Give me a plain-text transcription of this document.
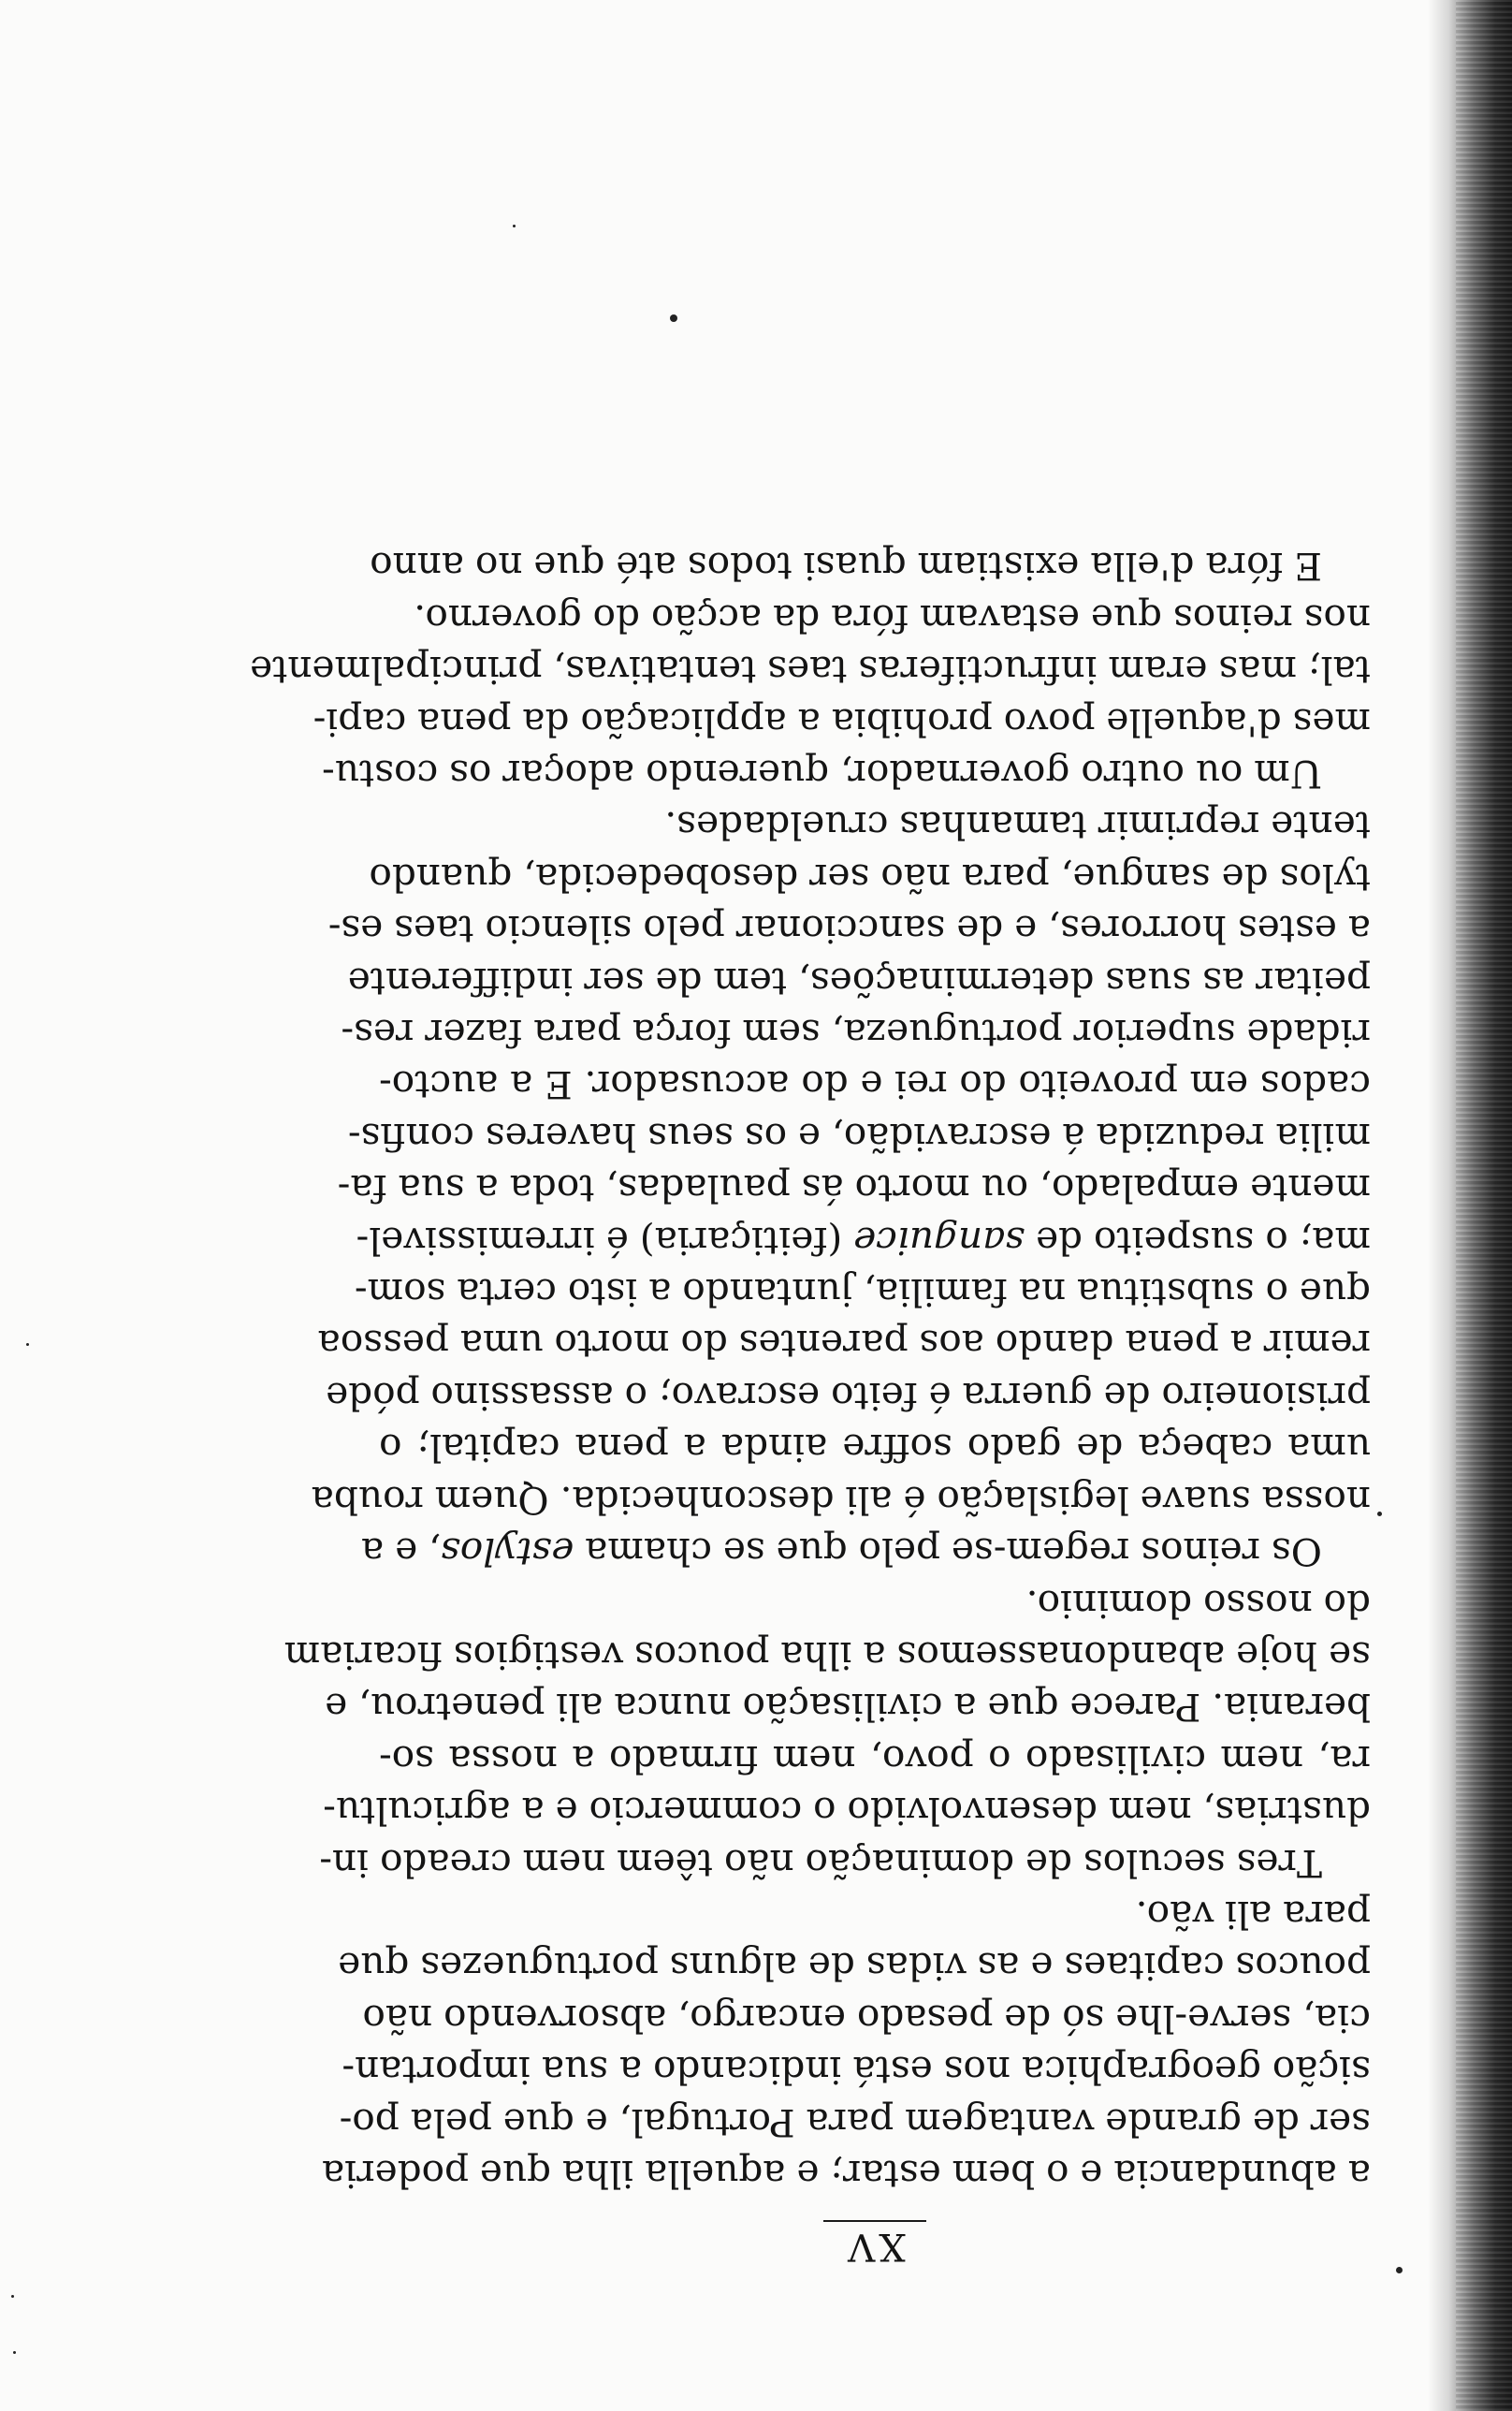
XV

a abundancia e o bem estar; e aquella ilha que poderia

ser de grande vantagem para Portugal, e que pela po-

sição geographica nos está indicando a sua importan-

cia, serve-lhe só de pesado encargo, absorvendo não

poucos capitaes e as vidas de alguns portuguezes que

para ali vão.

Tres seculos de dominação não têem nem creado in-

dustrias, nem desenvolvido o commercio e a agricultu-

ra, nem civilisado o povo, nem firmado a nossa so-

berania. Parece que a civilisação nunca ali penetrou, e

se hoje abandonassemos a ilha poucos vestigios ficariam

do nosso dominio.

Os reinos regem-se pelo que se chama estylos, e a

nossa suave legislação é ali desconhecida. Quem rouba

uma cabeça de gado soffre ainda a pena capital; o

prisioneiro de guerra é feito escravo; o assassino póde

remir a pena dando aos parentes do morto uma pessoa

que o substitua na familia, juntando a isto certa som-

ma; o suspeito de sanguice (feitiçaria) é irremissivel-

mente empalado, ou morto ás pauladas, toda a sua fa-

milia reduzida á escravidão, e os seus haveres confis-

cados em proveito do rei e do accusador. E a aucto-

ridade superior portugueza, sem força para fazer res-

peitar as suas determinações, tem de ser indifferente

a estes horrores, e de sanccionar pelo silencio taes es-

tylos de sangue, para não ser desobedecida, quando

tente reprimir tamanhas crueldades.

Um ou outro governador, querendo adoçar os costu-

mes d'aquelle povo prohibia a applicação da pena capi-

tal; mas eram infructiferas taes tentativas, principalmente

nos reinos que estavam fóra da acção do governo.

E fóra d'ella existiam quasi todos até que no anno
